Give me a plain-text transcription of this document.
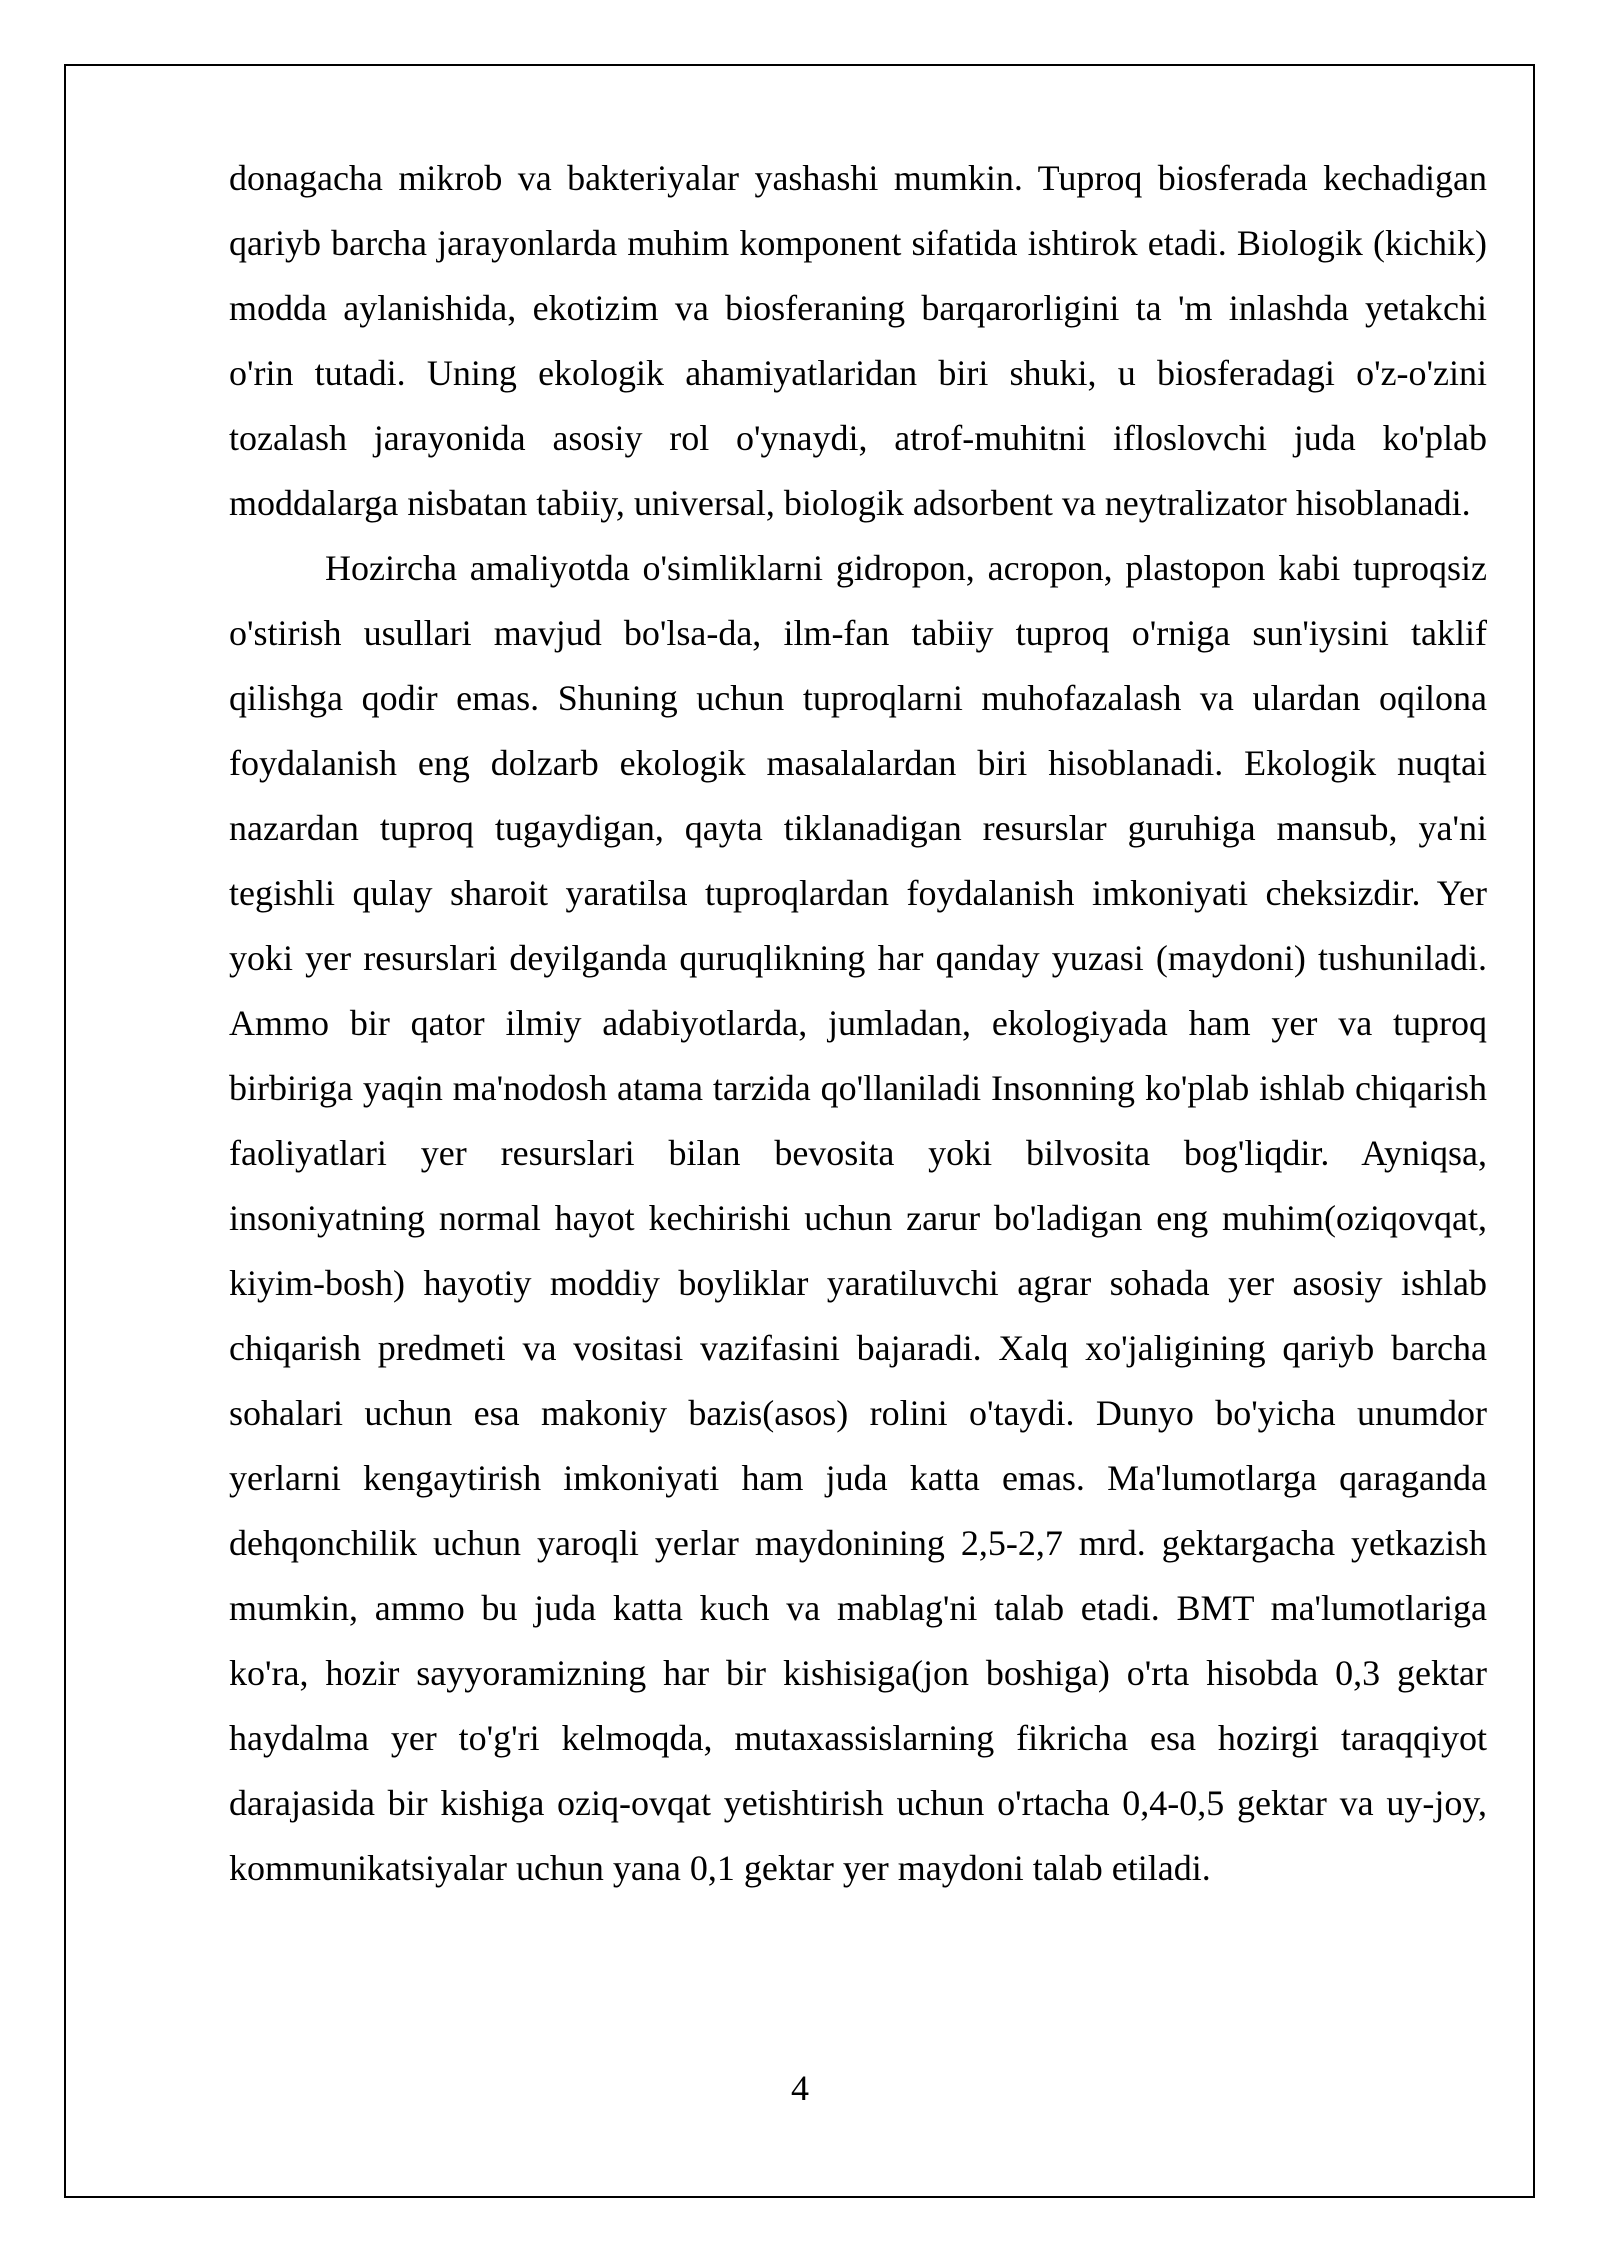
donagacha mikrob va bakteriyalar yashashi mumkin. Tuproq biosferada kechadigan qariyb barcha jarayonlarda muhim komponent sifatida ishtirok etadi. Biologik (kichik) modda aylanishida, ekotizim va biosferaning barqarorligini ta 'm inlashda yetakchi o'rin tutadi. Uning ekologik ahamiyatlaridan biri shuki, u biosferadagi o'z-o'zini tozalash jarayonida asosiy rol o'ynaydi, atrof-muhitni ifloslovchi juda ko'plab moddalarga nisbatan tabiiy, universal, biologik adsorbent va neytralizator hisoblanadi.

Hozircha amaliyotda o'simliklarni gidropon, acropon, plastopon kabi tuproqsiz o'stirish usullari mavjud bo'lsa-da, ilm-fan tabiiy tuproq o'rniga sun'iysini taklif qilishga qodir emas. Shuning uchun tuproqlarni muhofazalash va ulardan oqilona foydalanish eng dolzarb ekologik masalalardan biri hisoblanadi. Ekologik nuqtai nazardan tuproq tugaydigan, qayta tiklanadigan resurslar guruhiga mansub, ya'ni tegishli qulay sharoit yaratilsa tuproqlardan foydalanish imkoniyati cheksizdir. Yer yoki yer resurslari deyilganda quruqlikning har qanday yuzasi (maydoni) tushuniladi. Ammo bir qator ilmiy adabiyotlarda, jumladan, ekologiyada ham yer va tuproq birbiriga yaqin ma'nodosh atama tarzida qo'llaniladi Insonning ko'plab ishlab chiqarish faoliyatlari yer resurslari bilan bevosita yoki bilvosita bog'liqdir. Ayniqsa, insoniyatning normal hayot kechirishi uchun zarur bo'ladigan eng muhim(oziqovqat, kiyim-bosh) hayotiy moddiy boyliklar yaratiluvchi agrar sohada yer asosiy ishlab chiqarish predmeti va vositasi vazifasini bajaradi. Xalq xo'jaligining qariyb barcha sohalari uchun esa makoniy bazis(asos) rolini o'taydi. Dunyo bo'yicha unumdor yerlarni kengaytirish imkoniyati ham juda katta emas. Ma'lumotlarga qaraganda dehqonchilik uchun yaroqli yerlar maydonining 2,5-2,7 mrd. gektargacha yetkazish mumkin, ammo bu juda katta kuch va mablag'ni talab etadi. BMT ma'lumotlariga ko'ra, hozir sayyoramizning har bir kishisiga(jon boshiga) o'rta hisobda 0,3 gektar haydalma yer to'g'ri kelmoqda, mutaxassislarning fikricha esa hozirgi taraqqiyot darajasida bir kishiga oziq-ovqat yetishtirish uchun o'rtacha 0,4-0,5 gektar va uy-joy, kommunikatsiyalar uchun yana 0,1 gektar yer maydoni talab etiladi.

4
